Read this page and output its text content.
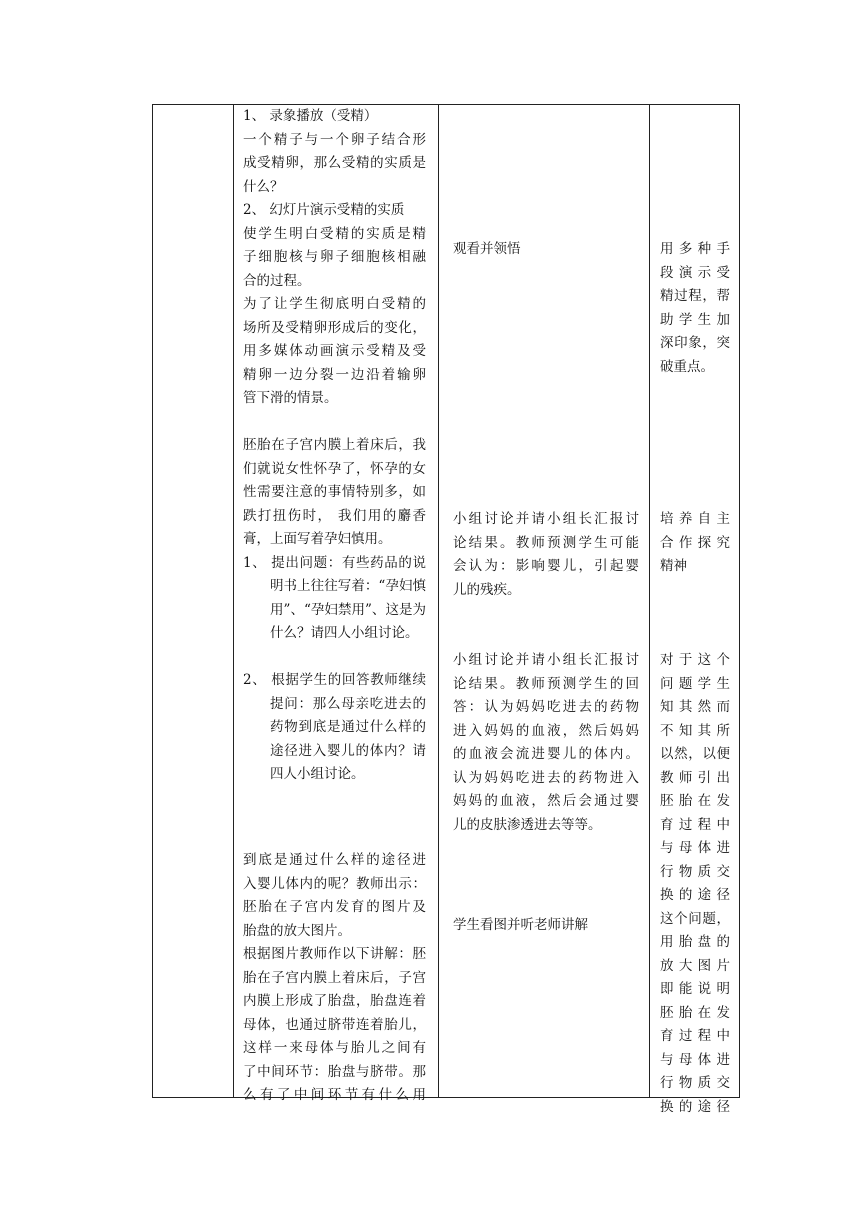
1、 录象播放（受精）
一个精子与一个卵子结合形
成受精卵，那么受精的实质是
什么？
2、 幻灯片演示受精的实质
使学生明白受精的实质是精
子细胞核与卵子细胞核相融
合的过程。
为了让学生彻底明白受精的
场所及受精卵形成后的变化，
用多媒体动画演示受精及受
精卵一边分裂一边沿着输卵
管下滑的情景。
胚胎在子宫内膜上着床后，我
们就说女性怀孕了，怀孕的女
性需要注意的事情特别多，如
跌打扭伤时， 我们用的麝香
膏，上面写着孕妇慎用。
1、 提出问题：有些药品的说
明书上往往写着：“孕妇慎
用”、“孕妇禁用”、这是为
什么？请四人小组讨论。
2、 根据学生的回答教师继续
提问：那么母亲吃进去的
药物到底是通过什么样的
途径进入婴儿的体内？请
四人小组讨论。
到底是通过什么样的途径进
入婴儿体内的呢？教师出示：
胚胎在子宫内发育的图片及
胎盘的放大图片。
根据图片教师作以下讲解：胚
胎在子宫内膜上着床后，子宫
内膜上形成了胎盘，胎盘连着
母体，也通过脐带连着胎儿，
这样一来母体与胎儿之间有
了中间环节：胎盘与脐带。那
么有了中间环节有什么用
观看并领悟
小组讨论并请小组长汇报讨
论结果。教师预测学生可能
会认为：影响婴儿，引起婴
儿的残疾。
小组讨论并请小组长汇报讨
论结果。教师预测学生的回
答：认为妈妈吃进去的药物
进入妈妈的血液，然后妈妈
的血液会流进婴儿的体内。
认为妈妈吃进去的药物进入
妈妈的血液，然后会通过婴
儿的皮肤渗透进去等等。
学生看图并听老师讲解
用多种手
段演示受
精过程，帮
助学生加
深印象，突
破重点。
培养自主
合作探究
精神
对于这个
问题学生
知其然而
不知其所
以然，以便
教师引出
胚胎在发
育过程中
与母体进
行物质交
换的途径
这个问题，
用胎盘的
放大图片
即能说明
胚胎在发
育过程中
与母体进
行物质交
换的途径
